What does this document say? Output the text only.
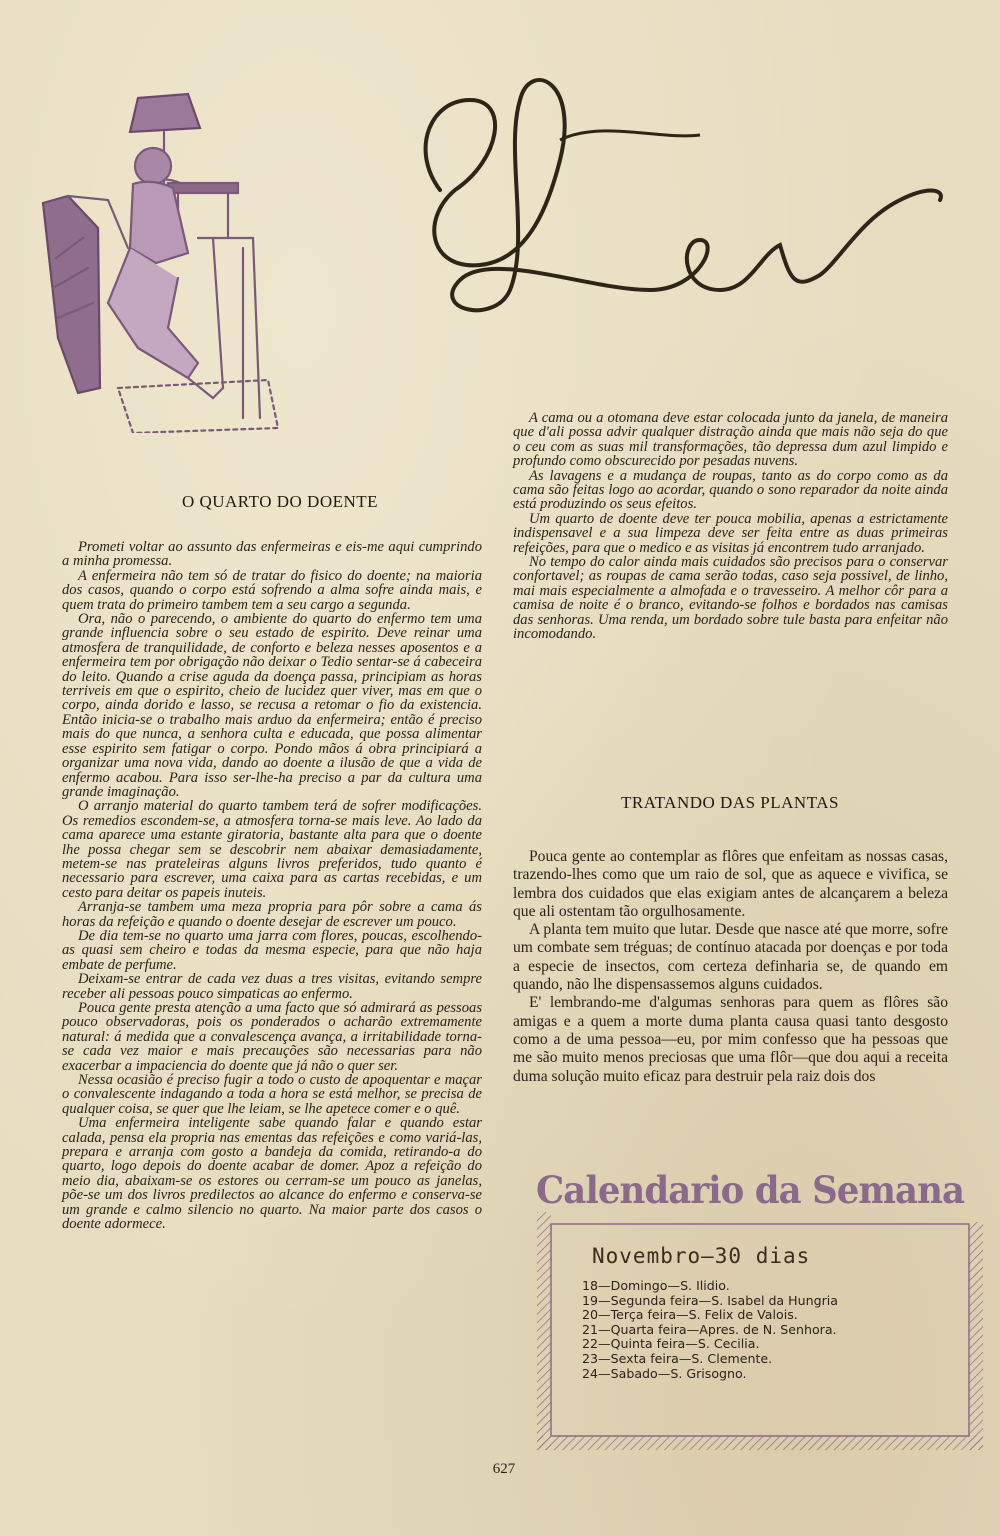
O QUARTO DO DOENTE

Prometi voltar ao assunto das enfermeiras e eis-me aqui cumprindo a minha promessa.

A enfermeira não tem só de tratar do fisico do doente; na maioria dos casos, quando o corpo está sofrendo a alma sofre ainda mais, e quem trata do primeiro tambem tem a seu cargo a segunda.

Ora, não o parecendo, o ambiente do quarto do enfermo tem uma grande influencia sobre o seu estado de espirito. Deve reinar uma atmosfera de tranquilidade, de conforto e beleza nesses aposentos e a enfermeira tem por obrigação não deixar o Tedio sentar-se á cabeceira do leito. Quando a crise aguda da doença passa, principiam as horas terriveis em que o espirito, cheio de lucidez quer viver, mas em que o corpo, ainda dorido e lasso, se recusa a retomar o fio da existencia. Então inicia-se o trabalho mais arduo da enfermeira; então é preciso mais do que nunca, a senhora culta e educada, que possa alimentar esse espirito sem fatigar o corpo. Pondo mãos á obra principiará a organizar uma nova vida, dando ao doente a ilusão de que a vida de enfermo acabou. Para isso ser-lhe-ha preciso a par da cultura uma grande imaginação.

O arranjo material do quarto tambem terá de sofrer modificações. Os remedios escondem-se, a atmosfera torna-se mais leve. Ao lado da cama aparece uma estante giratoria, bastante alta para que o doente lhe possa chegar sem se descobrir nem abaixar demasiadamente, metem-se nas prateleiras alguns livros preferidos, tudo quanto é necessario para escrever, uma caixa para as cartas recebidas, e um cesto para deitar os papeis inuteis.

Arranja-se tambem uma meza propria para pôr sobre a cama ás horas da refeição e quando o doente desejar de escrever um pouco.

De dia tem-se no quarto uma jarra com flores, poucas, escolhendo-as quasi sem cheiro e todas da mesma especie, para que não haja embate de perfume.

Deixam-se entrar de cada vez duas a tres visitas, evitando sempre receber ali pessoas pouco simpaticas ao enfermo.

Pouca gente presta atenção a uma facto que só admirará as pessoas pouco observadoras, pois os ponderados o acharão extremamente natural: á medida que a convalescença avança, a irritabilidade torna-se cada vez maior e mais precauções são necessarias para não exacerbar a impaciencia do doente que já não o quer ser.

Nessa ocasião é preciso fugir a todo o custo de apoquentar e maçar o convalescente indagando a toda a hora se está melhor, se precisa de qualquer coisa, se quer que lhe leiam, se lhe apetece comer e o quê.

Uma enfermeira inteligente sabe quando falar e quando estar calada, pensa ela propria nas ementas das refeições e como variá-las, prepara e arranja com gosto a bandeja da comida, retirando-a do quarto, logo depois do doente acabar de domer. Apoz a refeição do meio dia, abaixam-se os estores ou cerram-se um pouco as janelas, põe-se um dos livros predilectos ao alcance do enfermo e conserva-se um grande e calmo silencio no quarto. Na maior parte dos casos o doente adormece.

A cama ou a otomana deve estar colocada junto da janela, de maneira que d'ali possa advir qualquer distração ainda que mais não seja do que o ceu com as suas mil transformações, tão depressa dum azul limpido e profundo como obscurecido por pesadas nuvens.

As lavagens e a mudança de roupas, tanto as do corpo como as da cama são feitas logo ao acordar, quando o sono reparador da noite ainda está produzindo os seus efeitos.

Um quarto de doente deve ter pouca mobilia, apenas a estrictamente indispensavel e a sua limpeza deve ser feita entre as duas primeiras refeições, para que o medico e as visitas já encontrem tudo arranjado.

No tempo do calor ainda mais cuidados são precisos para o conservar confortavel; as roupas de cama serão todas, caso seja possivel, de linho, mai mais especialmente a almofada e o travesseiro. A melhor côr para a camisa de noite é o branco, evitando-se folhos e bordados nas camisas das senhoras. Uma renda, um bordado sobre tule basta para enfeitar não incomodando.

TRATANDO DAS PLANTAS

Pouca gente ao contemplar as flôres que enfeitam as nossas casas, trazendo-lhes como que um raio de sol, que as aquece e vivifica, se lembra dos cuidados que elas exigiam antes de alcançarem a beleza que ali ostentam tão orgulhosamente.

A planta tem muito que lutar. Desde que nasce até que morre, sofre um combate sem tréguas; de contínuo atacada por doenças e por toda a especie de insectos, com certeza definharia se, de quando em quando, não lhe dispensassemos alguns cuidados.

E' lembrando-me d'algumas senhoras para quem as flôres são amigas e a quem a morte duma planta causa quasi tanto desgosto como a de uma pessoa—eu, por mim confesso que ha pessoas que me são muito menos preciosas que uma flôr—que dou aqui a receita duma solução muito eficaz para destruir pela raiz dois dos

Calendario da Semana
Novembro—30 dias
18—Domingo—S. Ilidio.
19—Segunda feira—S. Isabel da Hungria
20—Terça feira—S. Felix de Valois.
21—Quarta feira—Apres. de N. Senhora.
22—Quinta feira—S. Cecilia.
23—Sexta feira—S. Clemente.
24—Sabado—S. Grisogno.
627
